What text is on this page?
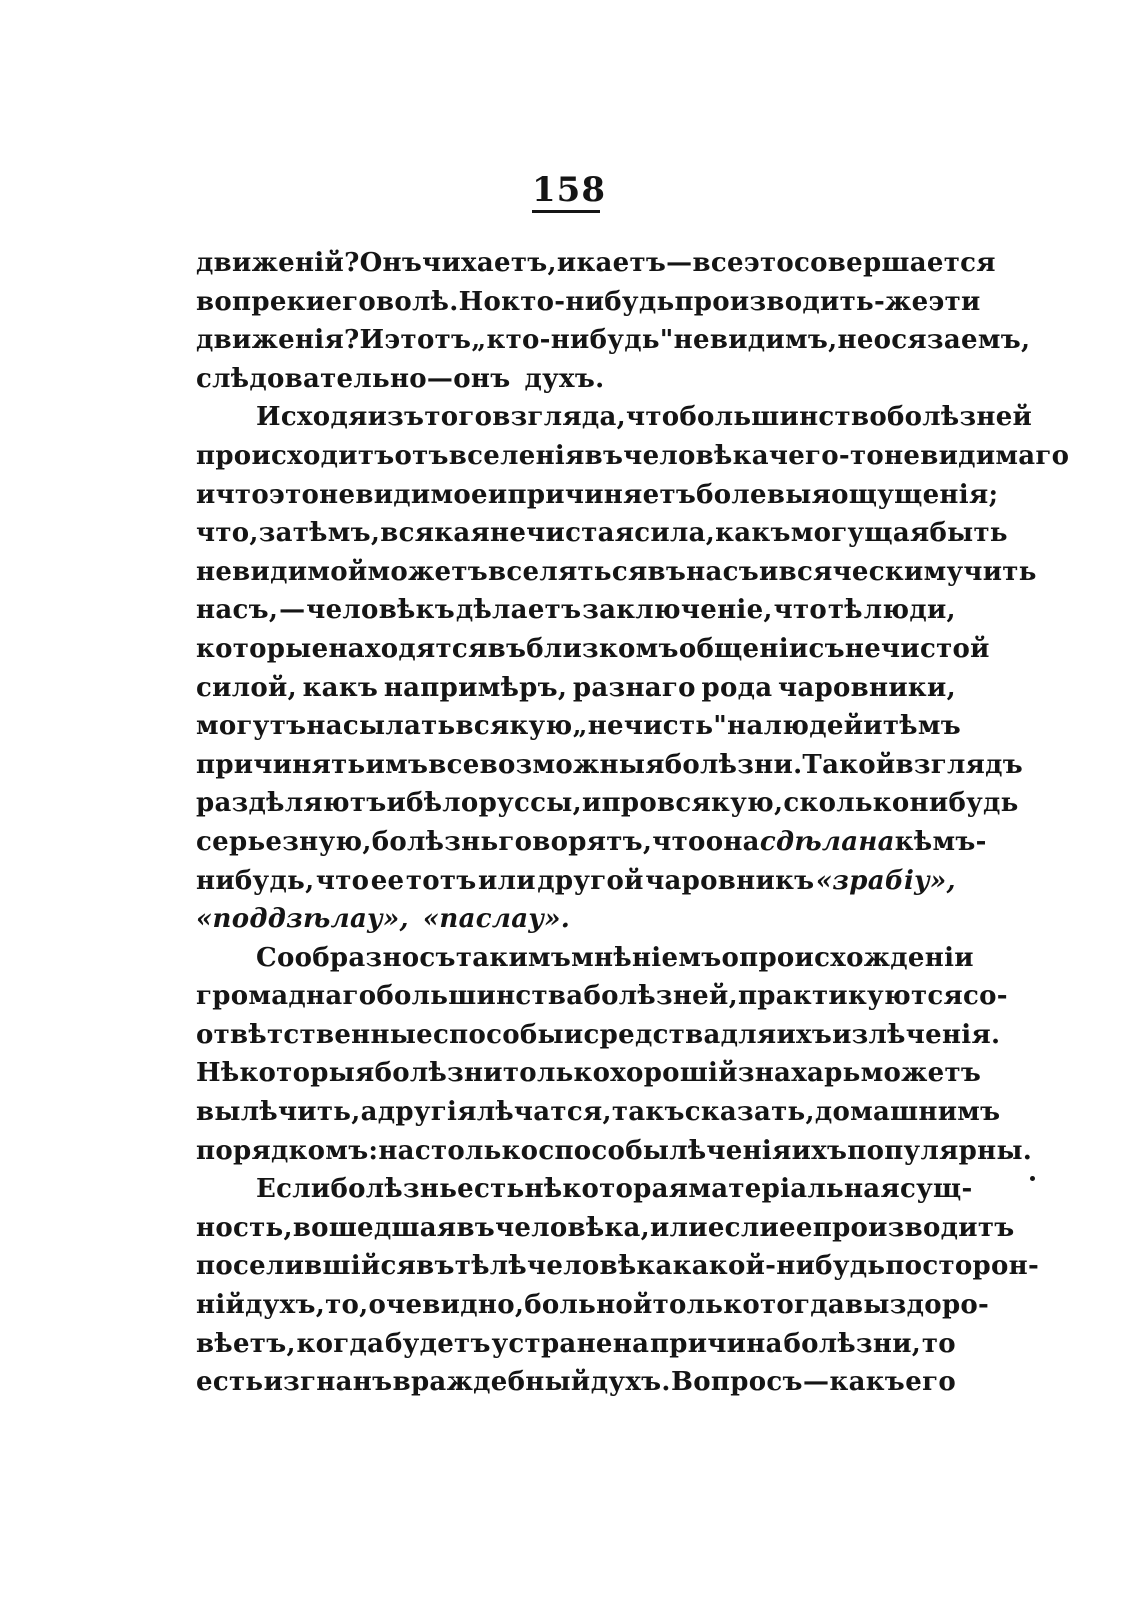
158
движеній? Онъ чихаетъ, икаетъ—все это совершается
вопреки его волѣ. Но кто-нибудь производить-же эти
движенія? И этотъ„ кто-нибудь" невидимъ, неосязаемъ,
слѣдовательно—онъ духъ.
Исходя изъ того взгляда, что большинство болѣзней
происходитъ отъ вселенія въ человѣка чего-то невидимаго
и что это невидимое и причиняетъ болевыя ощущенія;
что, затѣмъ, всякая нечистая сила, какъ могущая быть
невидимой можетъ вселяться въ насъ и всячески мучить
насъ, — человѣкъ дѣлаетъ заключеніе, что тѣ люди,
которые находятся въ близкомъ общеніи съ нечистой
силой, какъ напримѣръ, разнаго рода чаровники,
могутъ насылать всякую „нечисть" на людей и тѣмъ
причинять имъ всевозможныя болѣзни. Такой взглядъ
раздѣляютъ и бѣлоруссы, и про всякую, сколько нибудь
серьезную, болѣзнь говорятъ, что она сдѣлана кѣмъ-
нибудь, что ее тотъ или другой чаровникъ «зрабіу»,
«поддзѣлау», «паслау».
Сообразно съ такимъ мнѣніемъ о происхожденіи
громаднаго большинства болѣзней, практикуются со-
отвѣтственные способы и средства для ихъ излѣченія.
Нѣкоторыя болѣзни только хорошій знахарь можетъ
вылѣчить, а другія лѣчатся, такъ сказать, домашнимъ
порядкомъ: настолько способы лѣченія ихъ популярны.
Если болѣзнь есть нѣкоторая матеріальная сущ-
ность, вошедшая въ человѣка, или если ее производитъ
поселившійся въ тѣлѣ человѣка какой-нибудь посторон-
ній духъ, то, очевидно, больной только тогда выздоро-
вѣетъ, когда будетъ устранена причина болѣзни, то
есть изгнанъ враждебный духъ. Вопросъ — какъ его
